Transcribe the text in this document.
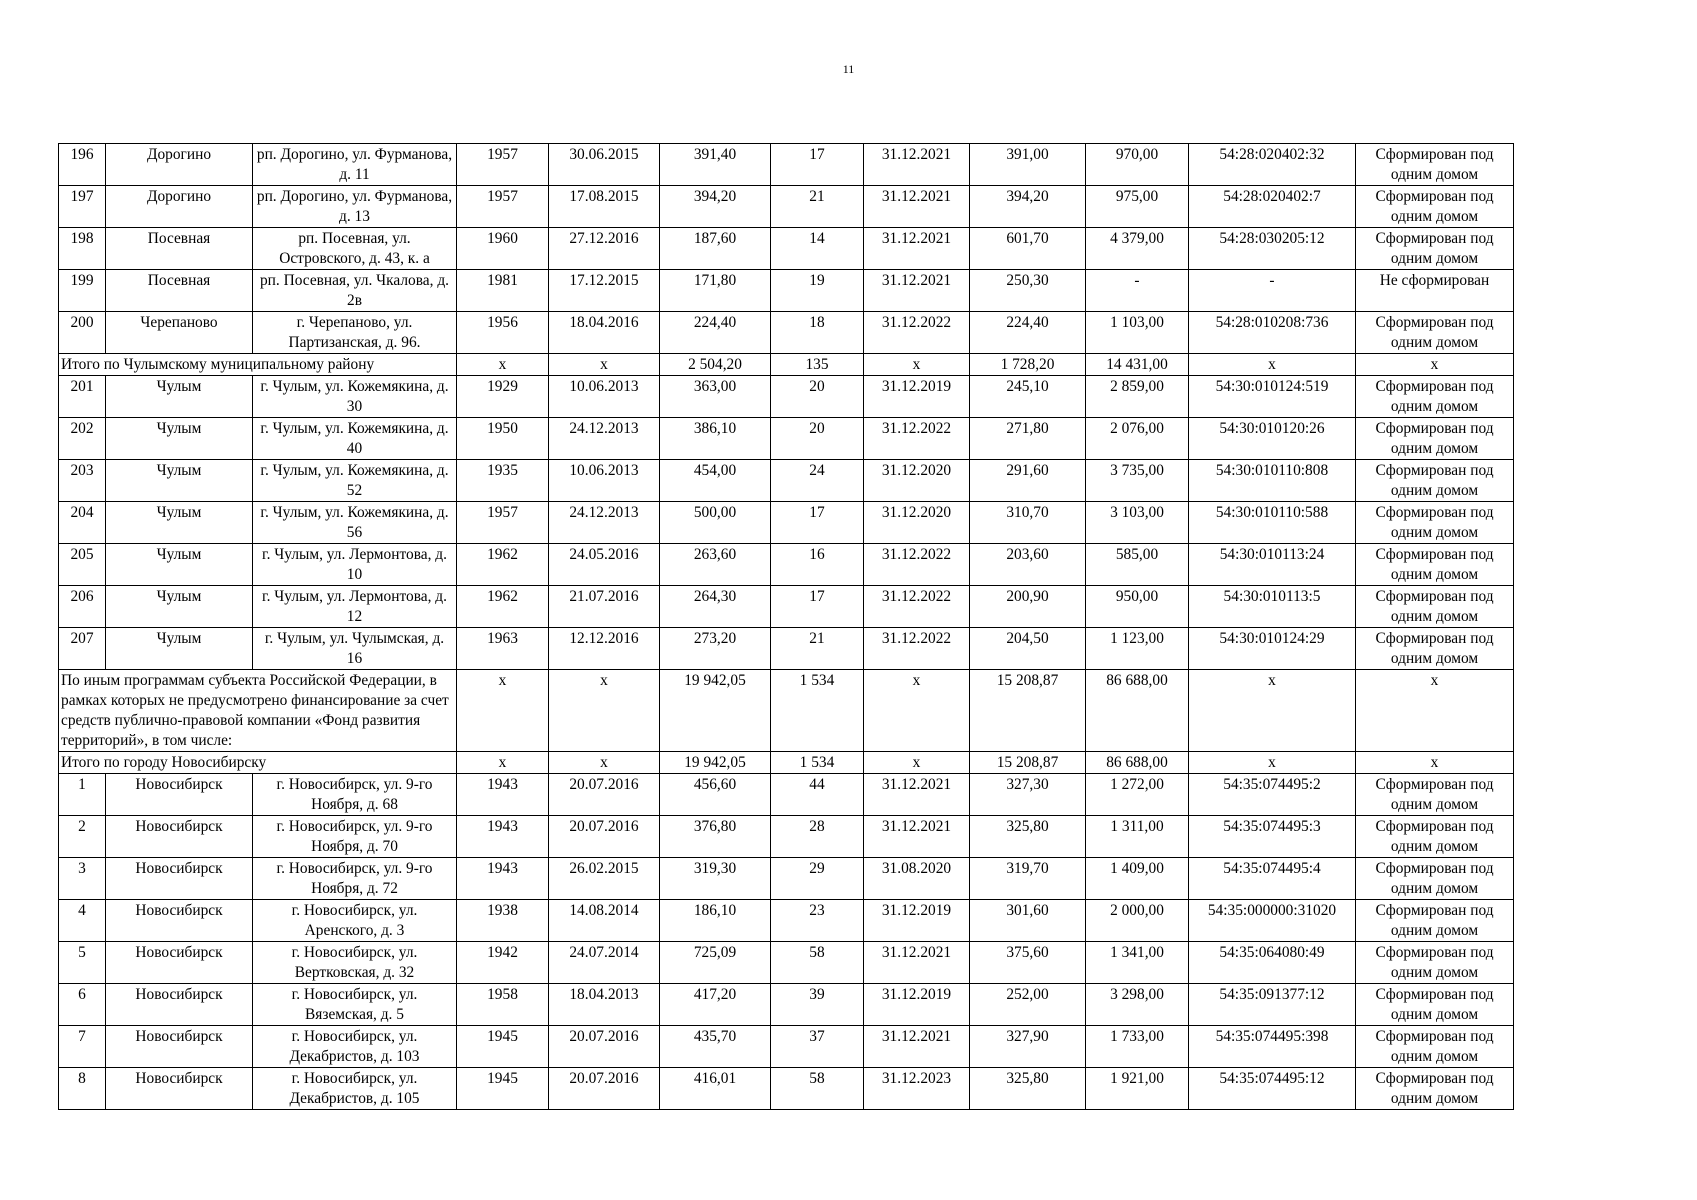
11
196	Дорогино	рп. Дорогино, ул. Фурманова, д. 11	1957	30.06.2015	391,40	17	31.12.2021	391,00	970,00	54:28:020402:32	Сформирован под одним домом
197	Дорогино	рп. Дорогино, ул. Фурманова, д. 13	1957	17.08.2015	394,20	21	31.12.2021	394,20	975,00	54:28:020402:7	Сформирован под одним домом
198	Посевная	рп. Посевная, ул. Островского, д. 43, к. а	1960	27.12.2016	187,60	14	31.12.2021	601,70	4 379,00	54:28:030205:12	Сформирован под одним домом
199	Посевная	рп. Посевная, ул. Чкалова, д. 2в	1981	17.12.2015	171,80	19	31.12.2021	250,30	-	-	Не сформирован
200	Черепаново	г. Черепаново, ул. Партизанская, д. 96.	1956	18.04.2016	224,40	18	31.12.2022	224,40	1 103,00	54:28:010208:736	Сформирован под одним домом
Итого по Чулымскому муниципальному району			х	х	2 504,20	135	х	1 728,20	14 431,00	х	х
201	Чулым	г. Чулым, ул. Кожемякина, д. 30	1929	10.06.2013	363,00	20	31.12.2019	245,10	2 859,00	54:30:010124:519	Сформирован под одним домом
202	Чулым	г. Чулым, ул. Кожемякина, д. 40	1950	24.12.2013	386,10	20	31.12.2022	271,80	2 076,00	54:30:010120:26	Сформирован под одним домом
203	Чулым	г. Чулым, ул. Кожемякина, д. 52	1935	10.06.2013	454,00	24	31.12.2020	291,60	3 735,00	54:30:010110:808	Сформирован под одним домом
204	Чулым	г. Чулым, ул. Кожемякина, д. 56	1957	24.12.2013	500,00	17	31.12.2020	310,70	3 103,00	54:30:010110:588	Сформирован под одним домом
205	Чулым	г. Чулым, ул. Лермонтова, д. 10	1962	24.05.2016	263,60	16	31.12.2022	203,60	585,00	54:30:010113:24	Сформирован под одним домом
206	Чулым	г. Чулым, ул. Лермонтова, д. 12	1962	21.07.2016	264,30	17	31.12.2022	200,90	950,00	54:30:010113:5	Сформирован под одним домом
207	Чулым	г. Чулым, ул. Чулымская, д. 16	1963	12.12.2016	273,20	21	31.12.2022	204,50	1 123,00	54:30:010124:29	Сформирован под одним домом
По иным программам субъекта Российской Федерации, в рамках которых не предусмотрено финансирование за счет средств публично-правовой компании «Фонд развития территорий», в том числе:			х	х	19 942,05	1 534	х	15 208,87	86 688,00	х	х
Итого по городу Новосибирску			х	х	19 942,05	1 534	х	15 208,87	86 688,00	х	х
1	Новосибирск	г. Новосибирск, ул. 9-го Ноября, д. 68	1943	20.07.2016	456,60	44	31.12.2021	327,30	1 272,00	54:35:074495:2	Сформирован под одним домом
2	Новосибирск	г. Новосибирск, ул. 9-го Ноября, д. 70	1943	20.07.2016	376,80	28	31.12.2021	325,80	1 311,00	54:35:074495:3	Сформирован под одним домом
3	Новосибирск	г. Новосибирск, ул. 9-го Ноября, д. 72	1943	26.02.2015	319,30	29	31.08.2020	319,70	1 409,00	54:35:074495:4	Сформирован под одним домом
4	Новосибирск	г. Новосибирск, ул. Аренского, д. 3	1938	14.08.2014	186,10	23	31.12.2019	301,60	2 000,00	54:35:000000:31020	Сформирован под одним домом
5	Новосибирск	г. Новосибирск, ул. Вертковская, д. 32	1942	24.07.2014	725,09	58	31.12.2021	375,60	1 341,00	54:35:064080:49	Сформирован под одним домом
6	Новосибирск	г. Новосибирск, ул. Вяземская, д. 5	1958	18.04.2013	417,20	39	31.12.2019	252,00	3 298,00	54:35:091377:12	Сформирован под одним домом
7	Новосибирск	г. Новосибирск, ул. Декабристов, д. 103	1945	20.07.2016	435,70	37	31.12.2021	327,90	1 733,00	54:35:074495:398	Сформирован под одним домом
8	Новосибирск	г. Новосибирск, ул. Декабристов, д. 105	1945	20.07.2016	416,01	58	31.12.2023	325,80	1 921,00	54:35:074495:12	Сформирован под одним домом
